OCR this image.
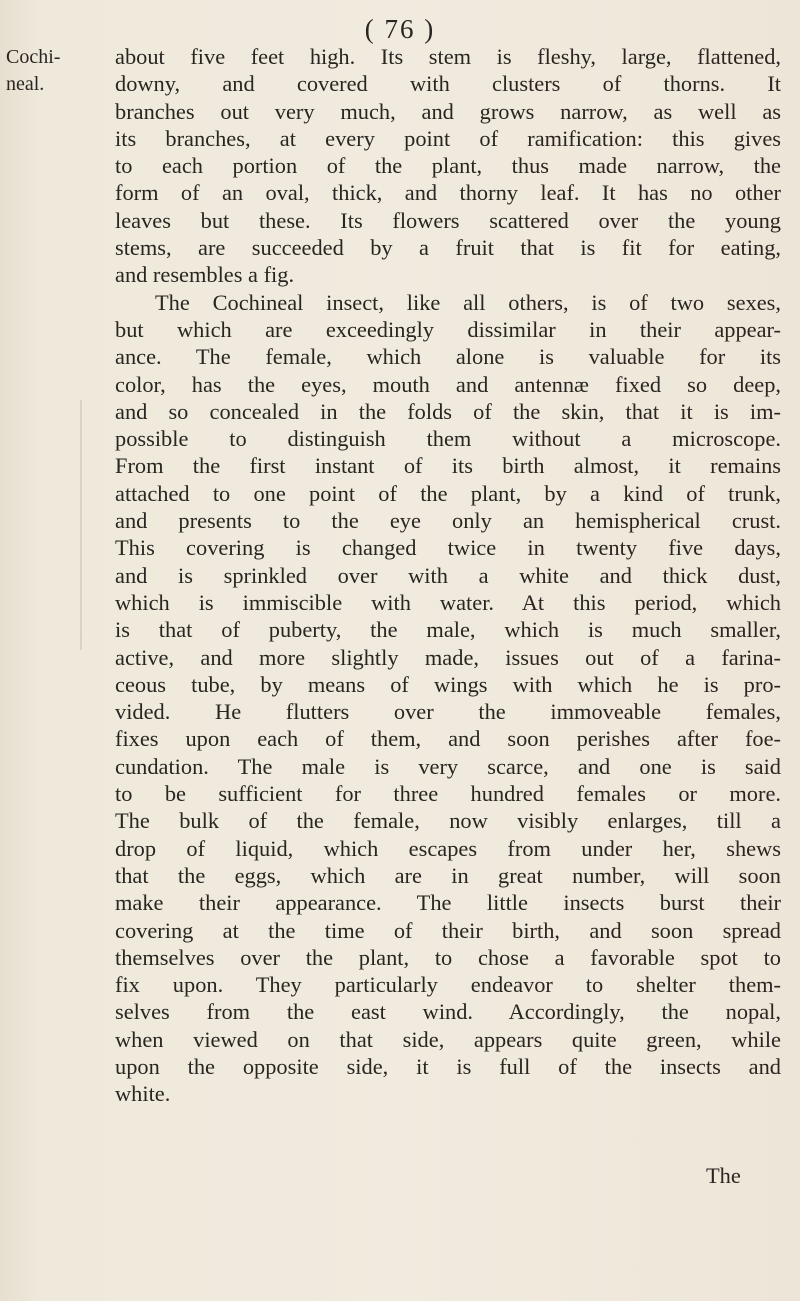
( 76 )
Cochi-
neal.
about five feet high. Its stem is fleshy, large, flattened,
downy, and covered with clusters of thorns. It
branches out very much, and grows narrow, as well as
its branches, at every point of ramification: this gives
to each portion of the plant, thus made narrow, the
form of an oval, thick, and thorny leaf. It has no other
leaves but these. Its flowers scattered over the young
stems, are succeeded by a fruit that is fit for eating,
and resembles a fig.
The Cochineal insect, like all others, is of two sexes,
but which are exceedingly dissimilar in their appear-
ance. The female, which alone is valuable for its
color, has the eyes, mouth and antennæ fixed so deep,
and so concealed in the folds of the skin, that it is im-
possible to distinguish them without a microscope.
From the first instant of its birth almost, it remains
attached to one point of the plant, by a kind of trunk,
and presents to the eye only an hemispherical crust.
This covering is changed twice in twenty five days,
and is sprinkled over with a white and thick dust,
which is immiscible with water. At this period, which
is that of puberty, the male, which is much smaller,
active, and more slightly made, issues out of a farina-
ceous tube, by means of wings with which he is pro-
vided. He flutters over the immoveable females,
fixes upon each of them, and soon perishes after foe-
cundation. The male is very scarce, and one is said
to be sufficient for three hundred females or more.
The bulk of the female, now visibly enlarges, till a
drop of liquid, which escapes from under her, shews
that the eggs, which are in great number, will soon
make their appearance. The little insects burst their
covering at the time of their birth, and soon spread
themselves over the plant, to chose a favorable spot to
fix upon. They particularly endeavor to shelter them-
selves from the east wind. Accordingly, the nopal,
when viewed on that side, appears quite green, while
upon the opposite side, it is full of the insects and
white.
The
